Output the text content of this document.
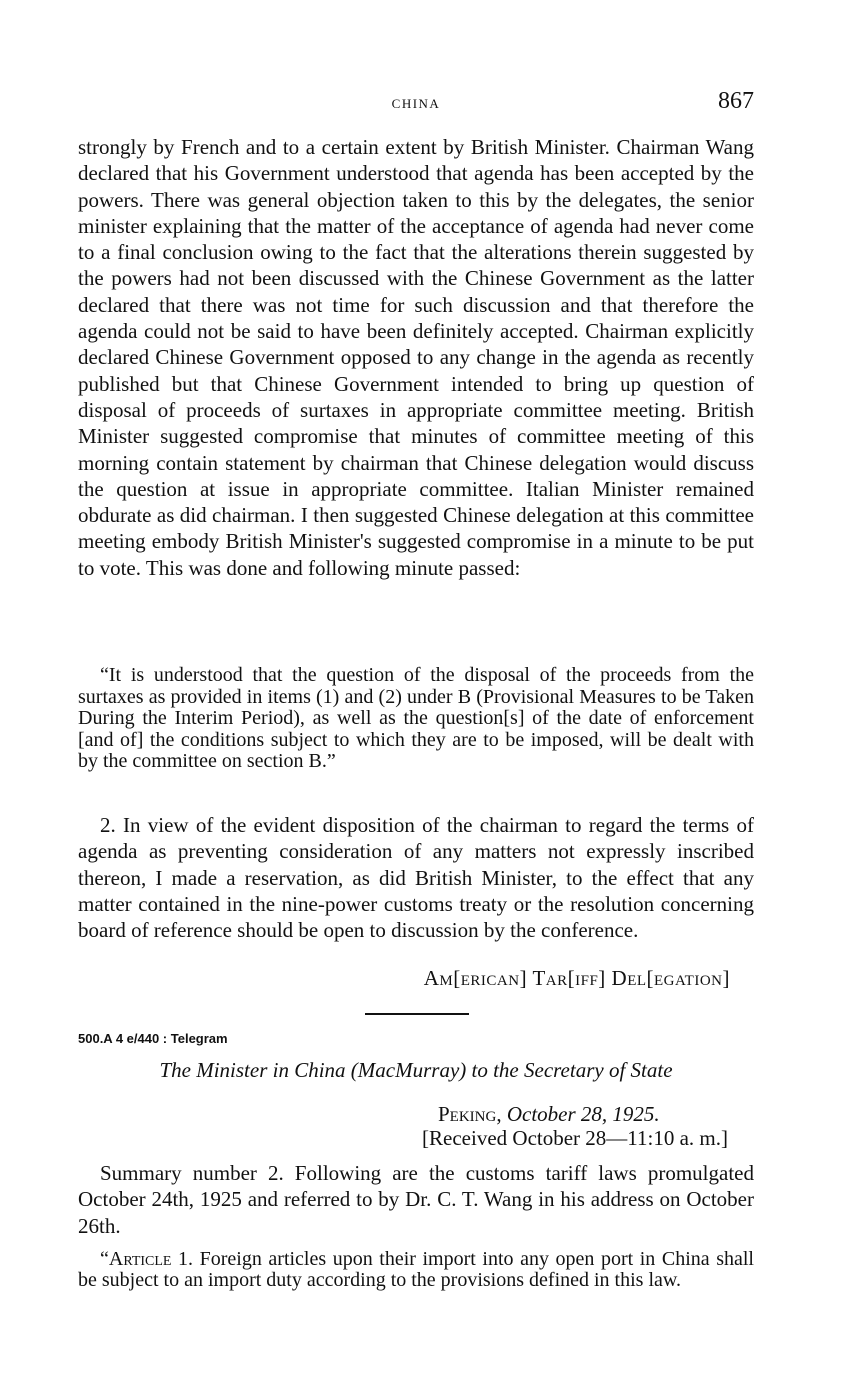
CHINA	867

strongly by French and to a certain extent by British Minister. Chairman Wang declared that his Government understood that agenda has been accepted by the powers. There was general objection taken to this by the delegates, the senior minister explaining that the matter of the acceptance of agenda had never come to a final conclusion owing to the fact that the alterations therein suggested by the powers had not been discussed with the Chinese Government as the latter declared that there was not time for such discussion and that therefore the agenda could not be said to have been definitely accepted. Chairman explicitly declared Chinese Government opposed to any change in the agenda as recently published but that Chinese Government intended to bring up question of disposal of proceeds of surtaxes in appropriate committee meeting. British Minister suggested compromise that minutes of committee meeting of this morning contain statement by chairman that Chinese delegation would discuss the question at issue in appropriate committee. Italian Minister remained obdurate as did chairman. I then suggested Chinese delegation at this committee meeting embody British Minister's suggested compromise in a minute to be put to vote. This was done and following minute passed:

“It is understood that the question of the disposal of the proceeds from the surtaxes as provided in items (1) and (2) under B (Provisional Measures to be Taken During the Interim Period), as well as the question[s] of the date of enforcement [and of] the conditions subject to which they are to be imposed, will be dealt with by the committee on section B.”

2. In view of the evident disposition of the chairman to regard the terms of agenda as preventing consideration of any matters not expressly inscribed thereon, I made a reservation, as did British Minister, to the effect that any matter contained in the nine-power customs treaty or the resolution concerning board of reference should be open to discussion by the conference.

Am[erican] Tar[iff] Del[egation]
500.A 4 e/440 : Telegram
The Minister in China (MacMurray) to the Secretary of State
Peking, October 28, 1925.
[Received October 28—11:10 a. m.]

Summary number 2. Following are the customs tariff laws promulgated October 24th, 1925 and referred to by Dr. C. T. Wang in his address on October 26th.

“Article 1. Foreign articles upon their import into any open port in China shall be subject to an import duty according to the provisions defined in this law.
